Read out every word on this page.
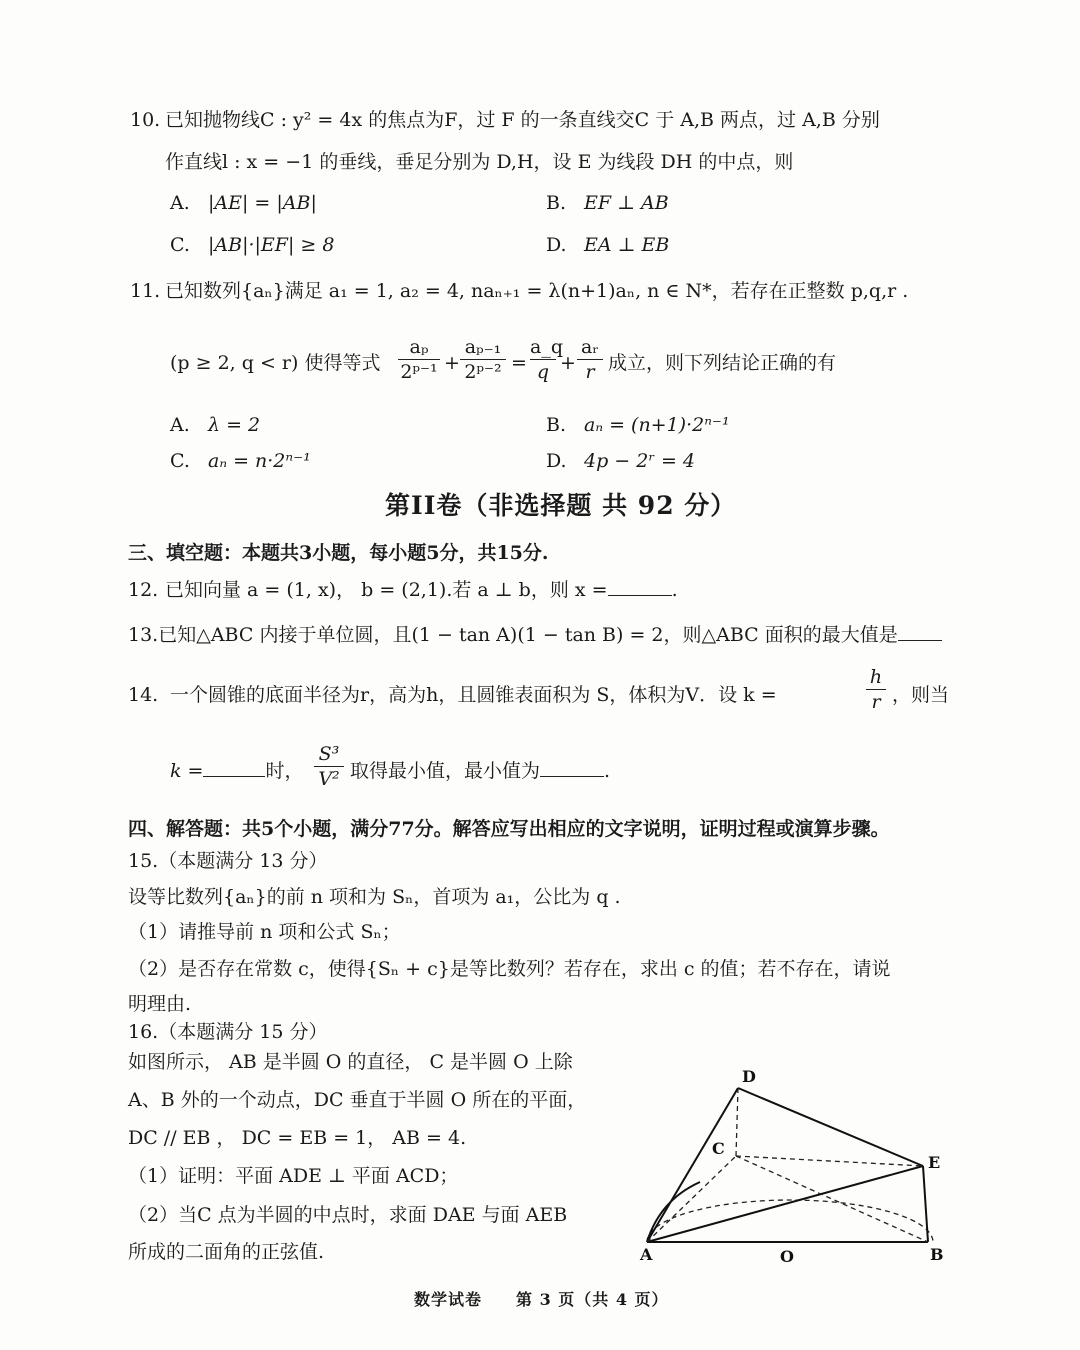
10. 已知抛物线C : y² = 4x 的焦点为F，过 F 的一条直线交C 于 A,B 两点，过 A,B 分别
作直线l : x = −1 的垂线，垂足分别为 D,H，设 E 为线段 DH 的中点，则
A. |AE| = |AB|	B. EF ⊥ AB
C. |AB|·|EF| ≥ 8	D. EA ⊥ EB
11. 已知数列{aₙ}满足 a₁ = 1, a₂ = 4, naₙ₊₁ = λ(n+1)aₙ, n ∈ N*，若存在正整数 p,q,r .
(p ≥ 2, q < r) 使得等式
aₚ
2ᵖ⁻¹ +
aₚ₋₁
2ᵖ⁻² =
a_q
q +
aᵣ
r 成立，则下列结论正确的有
A. λ = 2	B. aₙ = (n+1)·2ⁿ⁻¹
C. aₙ = n·2ⁿ⁻¹	D. 4p − 2ʳ = 4
第II卷（非选择题 共 92 分）
三、填空题：本题共3小题，每小题5分，共15分.
12. 已知向量 a = (1, x)， b = (2,1).若 a ⊥ b，则 x =	.
13.已知△ABC 内接于单位圆，且(1 − tan A)(1 − tan B) = 2，则△ABC 面积的最大值是
14. 一个圆锥的底面半径为r，高为h，且圆锥表面积为 S，体积为V．设 k =
h
r ，则当
k =	时，
S³
V² 取得最小值，最小值为	.
四、解答题：共5个小题，满分77分。解答应写出相应的文字说明，证明过程或演算步骤。
15.（本题满分 13 分）
设等比数列{aₙ}的前 n 项和为 Sₙ，首项为 a₁，公比为 q .
（1）请推导前 n 项和公式 Sₙ；
（2）是否存在常数 c，使得{Sₙ + c}是等比数列？若存在，求出 c 的值；若不存在，请说
明理由.
16.（本题满分 15 分）
如图所示， AB 是半圆 O 的直径， C 是半圆 O 上除
A、B 外的一个动点，DC 垂直于半圆 O 所在的平面，
DC // EB ， DC = EB = 1， AB = 4.
（1）证明：平面 ADE ⊥ 平面 ACD；
（2）当C 点为半圆的中点时，求面 DAE 与面 AEB
所成的二面角的正弦值.
D
C
E
A	B
O
数学试卷 第 3 页（共 4 页）
